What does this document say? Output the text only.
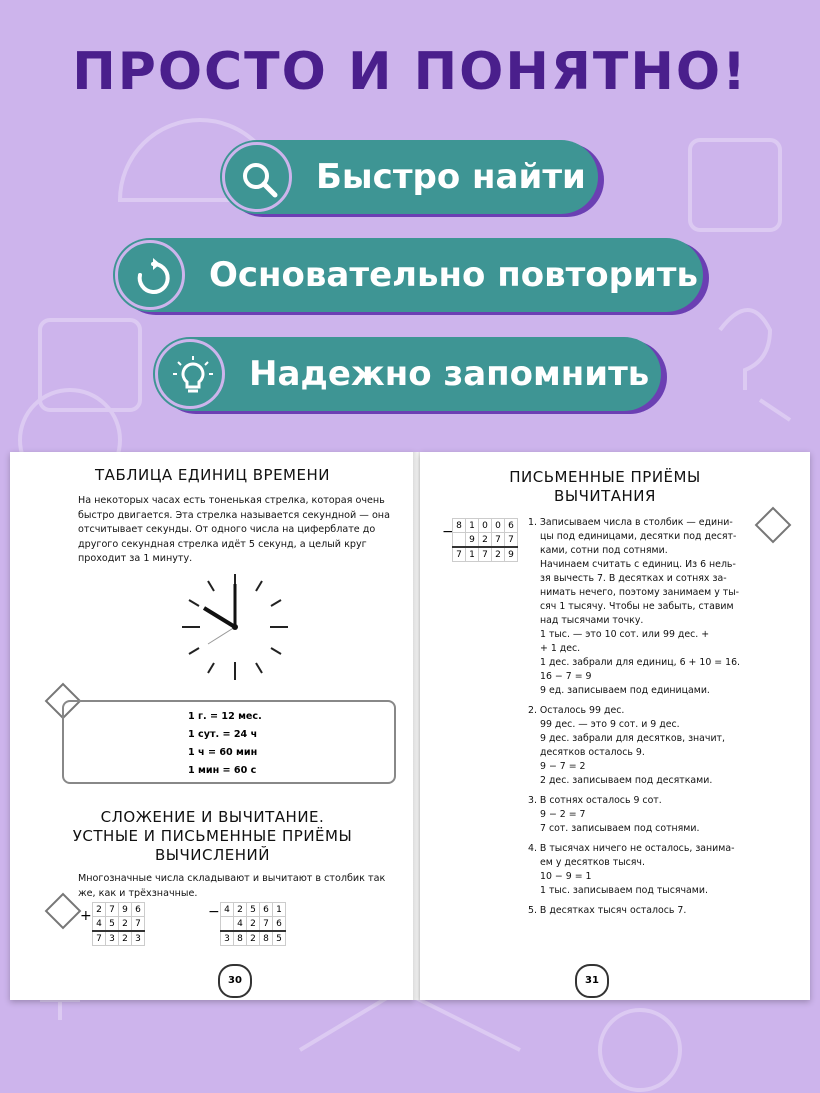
ПРОСТО И ПОНЯТНО!
Быстро найти
Основательно повторить
Надежно запомнить
ТАБЛИЦА ЕДИНИЦ ВРЕМЕНИ
На некоторых часах есть тоненькая стрелка, которая очень быстро двигается. Эта стрелка называется секундной — она отсчитывает секунды. От одного числа на циферблате до другого секундная стрелка идёт 5 секунд, а целый круг проходит за 1 минуту.
1 г. = 12 мес.
1 сут. = 24 ч
1 ч = 60 мин
1 мин = 60 с
СЛОЖЕНИЕ И ВЫЧИТАНИЕ.
УСТНЫЕ И ПИСЬМЕННЫЕ ПРИЁМЫ
ВЫЧИСЛЕНИЙ
Многозначные числа складывают и вычитают в столбик так же, как и трёхзначные.
+ 2	7	9	6
4	5	2	7
7	3	2	3
− 4	2	5	6	1
	4	2	7	6
3	8	2	8	5
30
ПИСЬМЕННЫЕ ПРИЁМЫ
ВЫЧИТАНИЯ
− 8	1	0	0	6
	9	2	7	7
7	1	7	2	9
1. Записываем числа в столбик — едини-
цы под единицами, десятки под десят-
ками, сотни под сотнями.
Начинаем считать с единиц. Из 6 нель-
зя вычесть 7. В десятках и сотнях за-
нимать нечего, поэтому занимаем у ты-
сяч 1 тысячу. Чтобы не забыть, ставим
над тысячами точку.
1 тыс. — это 10 сот. или 99 дес. +
+ 1 дес.
1 дес. забрали для единиц, 6 + 10 = 16.
16 − 7 = 9
9 ед. записываем под единицами.
2. Осталось 99 дес.
99 дес. — это 9 сот. и 9 дес.
9 дес. забрали для десятков, значит,
десятков осталось 9.
9 − 7 = 2
2 дес. записываем под десятками.
3. В сотнях осталось 9 сот.
9 − 2 = 7
7 сот. записываем под сотнями.
4. В тысячах ничего не осталось, занима-
ем у десятков тысяч.
10 − 9 = 1
1 тыс. записываем под тысячами.
5. В десятках тысяч осталось 7.
31
